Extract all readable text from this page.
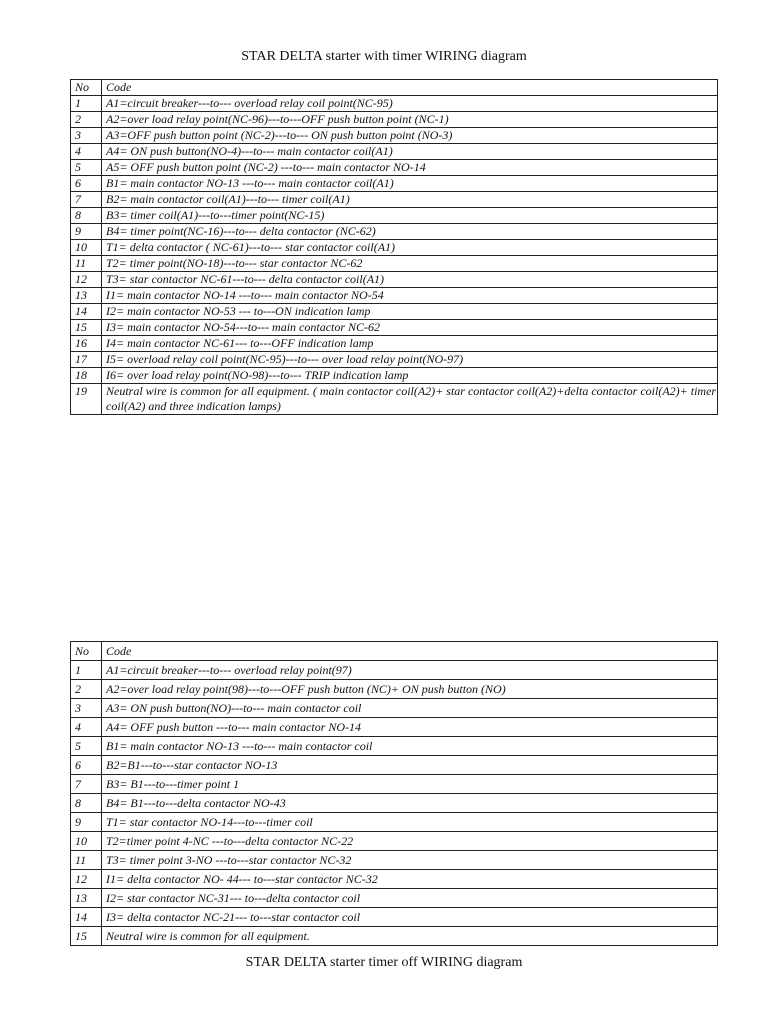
STAR DELTA starter with timer WIRING diagram
No	Code
1	A1=circuit breaker---to--- overload relay coil point(NC-95)
2	A2=over load relay point(NC-96)---to---OFF push button point (NC-1)
3	A3=OFF push button point (NC-2)---to--- ON push button point (NO-3)
4	A4= ON push button(NO-4)---to--- main contactor coil(A1)
5	A5= OFF push button point (NC-2) ---to--- main contactor NO-14
6	B1= main contactor NO-13 ---to--- main contactor coil(A1)
7	B2= main contactor coil(A1)---to--- timer coil(A1)
8	B3= timer coil(A1)---to---timer point(NC-15)
9	B4= timer point(NC-16)---to--- delta contactor (NC-62)
10	T1= delta contactor ( NC-61)---to--- star contactor coil(A1)
11	T2= timer point(NO-18)---to--- star contactor NC-62
12	T3= star contactor NC-61---to--- delta contactor coil(A1)
13	I1= main contactor NO-14 ---to--- main contactor NO-54
14	I2= main contactor NO-53 --- to---ON indication lamp
15	I3= main contactor NO-54---to--- main contactor NC-62
16	I4= main contactor NC-61--- to---OFF indication lamp
17	I5= overload relay coil point(NC-95)---to--- over load relay point(NO-97)
18	I6= over load relay point(NO-98)---to--- TRIP indication lamp
19	Neutral wire is common for all equipment. ( main contactor coil(A2)+ star contactor coil(A2)+delta contactor coil(A2)+ timer coil(A2) and three indication lamps)
No	Code
1	A1=circuit breaker---to--- overload relay point(97)
2	A2=over load relay point(98)---to---OFF push button (NC)+ ON push button (NO)
3	A3= ON push button(NO)---to--- main contactor coil
4	A4= OFF push button ---to--- main contactor NO-14
5	B1= main contactor NO-13 ---to--- main contactor coil
6	B2=B1---to---star contactor NO-13
7	B3= B1---to---timer point 1
8	B4= B1---to---delta contactor NO-43
9	T1= star contactor NO-14---to---timer coil
10	T2=timer point 4-NC ---to---delta contactor NC-22
11	T3= timer point 3-NO ---to---star contactor NC-32
12	I1= delta contactor NO- 44--- to---star contactor NC-32
13	I2= star contactor NC-31--- to---delta contactor coil
14	I3= delta contactor NC-21--- to---star contactor coil
15	Neutral wire is common for all equipment.
STAR DELTA starter timer off WIRING diagram
